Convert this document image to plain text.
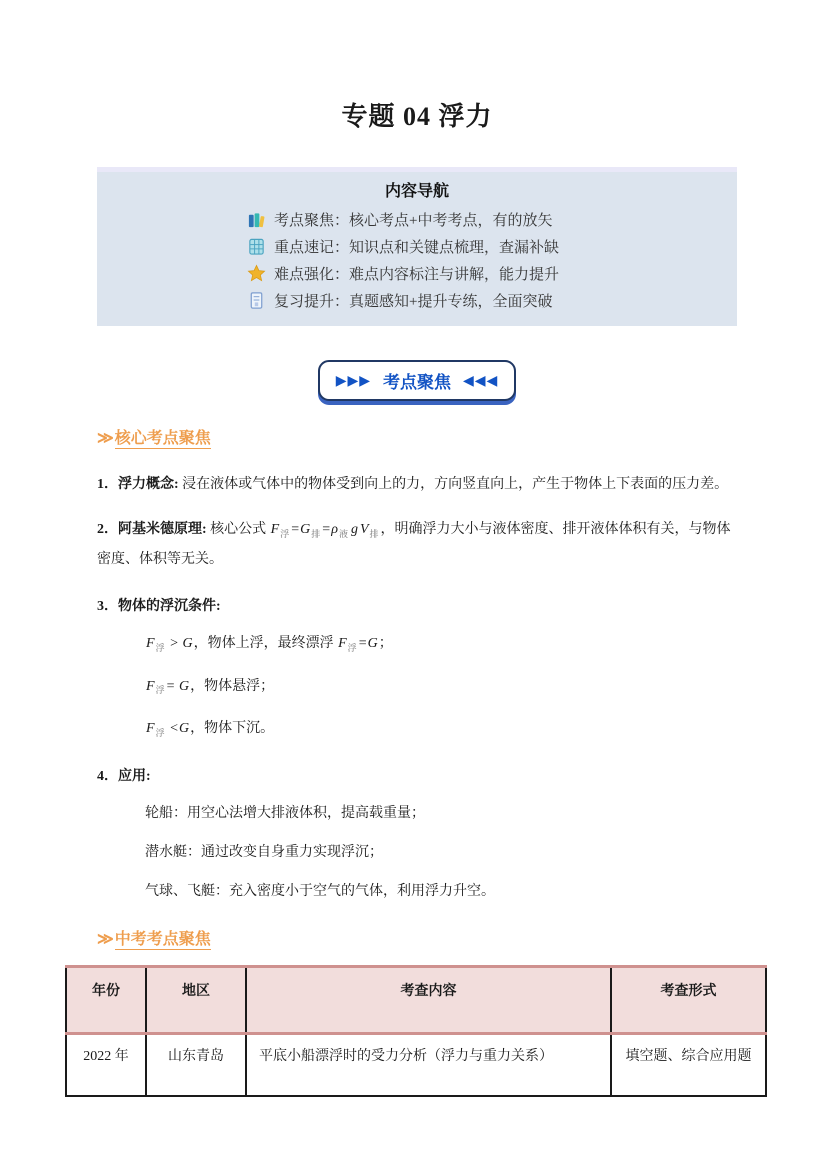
专题 04 浮力
内容导航
考点聚焦：核心考点+中考考点，有的放矢
重点速记：知识点和关键点梳理，查漏补缺
难点强化：难点内容标注与讲解，能力提升
复习提升：真题感知+提升专练，全面突破
▶▶▶ 考点聚焦 ◀◀◀
≫核心考点聚焦
1．浮力概念: 浸在液体或气体中的物体受到向上的力，方向竖直向上，产生于物体上下表面的压力差。
2．阿基米德原理: 核心公式 $F_浮 =G_排 =\rho_液$ g $V_排$ ，明确浮力大小与液体密度、排开液体体积有关，与物体密度、体积等无关。
3．物体的浮沉条件:
$F_浮 > G$，物体上浮，最终漂浮 $F_浮 =G$；
$F_浮 = G$，物体悬浮；
$F_浮 <G$，物体下沉。
4．应用:
轮船：用空心法增大排液体积，提高载重量；
潜水艇：通过改变自身重力实现浮沉；
气球、飞艇：充入密度小于空气的气体，利用浮力升空。
≫中考考点聚焦
年份	地区	考查内容	考查形式
2022 年	山东青岛	平底小船漂浮时的受力分析（浮力与重力关系）	填空题、综合应用题
